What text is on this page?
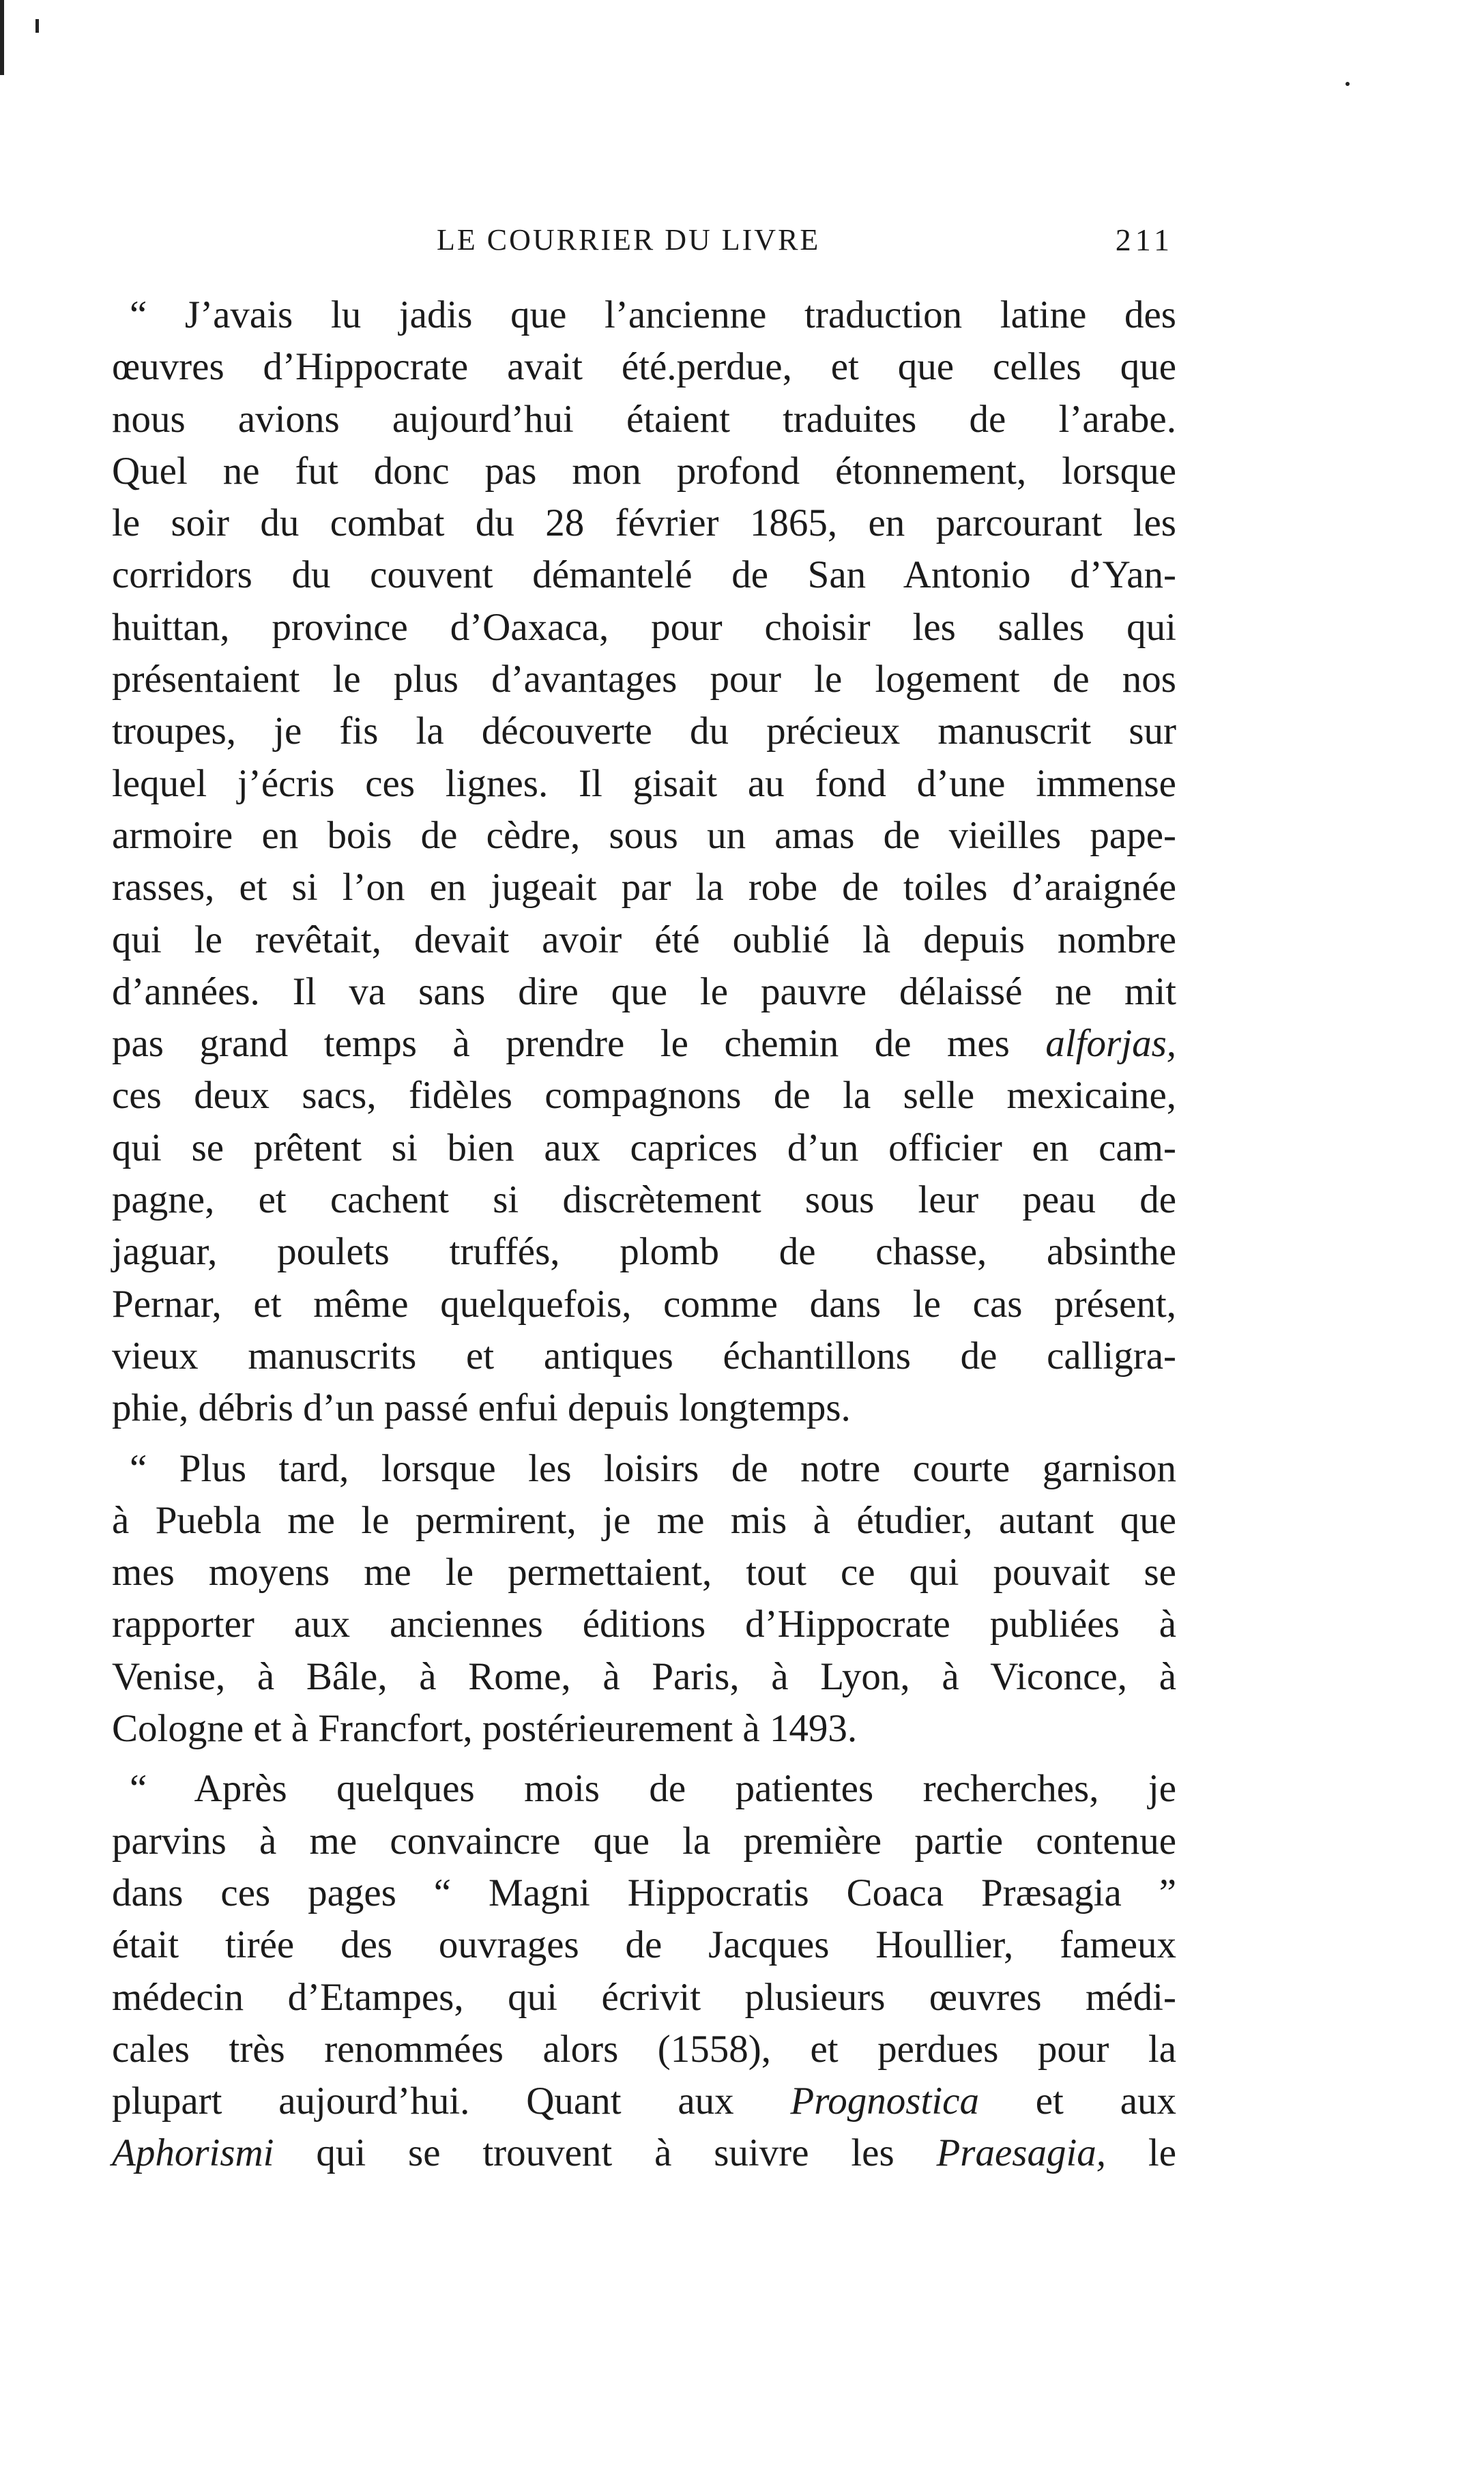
LE COURRIER DU LIVRE	211

“ J’avais lu jadis que l’ancienne traduction latine des
œuvres d’Hippocrate avait été.perdue, et que celles que
nous avions aujourd’hui étaient traduites de l’arabe.
Quel ne fut donc pas mon profond étonnement, lorsque
le soir du combat du 28 février 1865, en parcourant les
corridors du couvent démantelé de San Antonio d’Yan-
huittan, province d’Oaxaca, pour choisir les salles qui
présentaient le plus d’avantages pour le logement de nos
troupes, je fis la découverte du précieux manuscrit sur
lequel j’écris ces lignes. Il gisait au fond d’une immense
armoire en bois de cèdre, sous un amas de vieilles pape-
rasses, et si l’on en jugeait par la robe de toiles d’araignée
qui le revêtait, devait avoir été oublié là depuis nombre
d’années. Il va sans dire que le pauvre délaissé ne mit
pas grand temps à prendre le chemin de mes alforjas,
ces deux sacs, fidèles compagnons de la selle mexicaine,
qui se prêtent si bien aux caprices d’un officier en cam-
pagne, et cachent si discrètement sous leur peau de
jaguar, poulets truffés, plomb de chasse, absinthe
Pernar, et même quelquefois, comme dans le cas présent,
vieux manuscrits et antiques échantillons de calligra-
phie, débris d’un passé enfui depuis longtemps.

“ Plus tard, lorsque les loisirs de notre courte garnison
à Puebla me le permirent, je me mis à étudier, autant que
mes moyens me le permettaient, tout ce qui pouvait se
rapporter aux anciennes éditions d’Hippocrate publiées à
Venise, à Bâle, à Rome, à Paris, à Lyon, à Viconce, à
Cologne et à Francfort, postérieurement à 1493.

“ Après quelques mois de patientes recherches, je
parvins à me convaincre que la première partie contenue
dans ces pages “ Magni Hippocratis Coaca Præsagia ”
était tirée des ouvrages de Jacques Houllier, fameux
médecin d’Etampes, qui écrivit plusieurs œuvres médi-
cales très renommées alors (1558), et perdues pour la
plupart aujourd’hui. Quant aux Prognostica et aux
Aphorismi qui se trouvent à suivre les Praesagia, le
